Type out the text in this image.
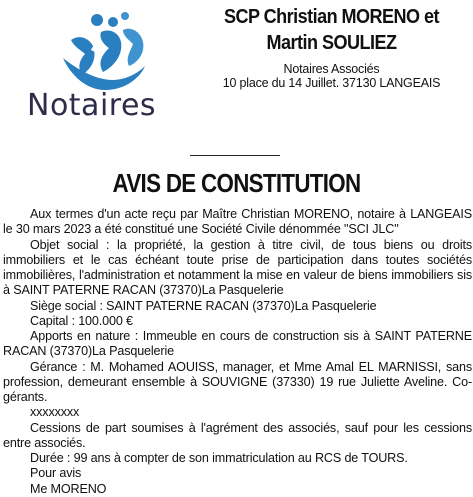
Notaires
SCP Christian MORENO et
Martin SOULIEZ
Notaires Associés
10 place du 14 Juillet. 37130 LANGEAIS
AVIS DE CONSTITUTION

Aux termes d'un acte reçu par Maître Christian MORENO, notaire à LANGEAIS le 30 mars 2023 a été constitué une Société Civile dénommée "SCI JLC"

Objet social : la propriété, la gestion à titre civil, de tous biens ou droits immobiliers et le cas échéant toute prise de participation dans toutes sociétés immobilières, l'administration et notamment la mise en valeur de biens immobiliers sis à SAINT PATERNE RACAN (37370)La Pasquelerie

Siège social : SAINT PATERNE RACAN (37370)La Pasquelerie

Capital : 100.000 €

Apports en nature : Immeuble en cours de construction sis à SAINT PATERNE RACAN (37370)La Pasquelerie

Gérance : M. Mohamed AOUISS, manager, et Mme Amal EL MARNISSI, sans profession, demeurant ensemble à SOUVIGNE (37330) 19 rue Juliette Aveline. Co-gérants.

xxxxxxxx

Cessions de part soumises à l'agrément des associés, sauf pour les cessions entre associés.

Durée : 99 ans à compter de son immatriculation au RCS de TOURS.

Pour avis

Me MORENO
